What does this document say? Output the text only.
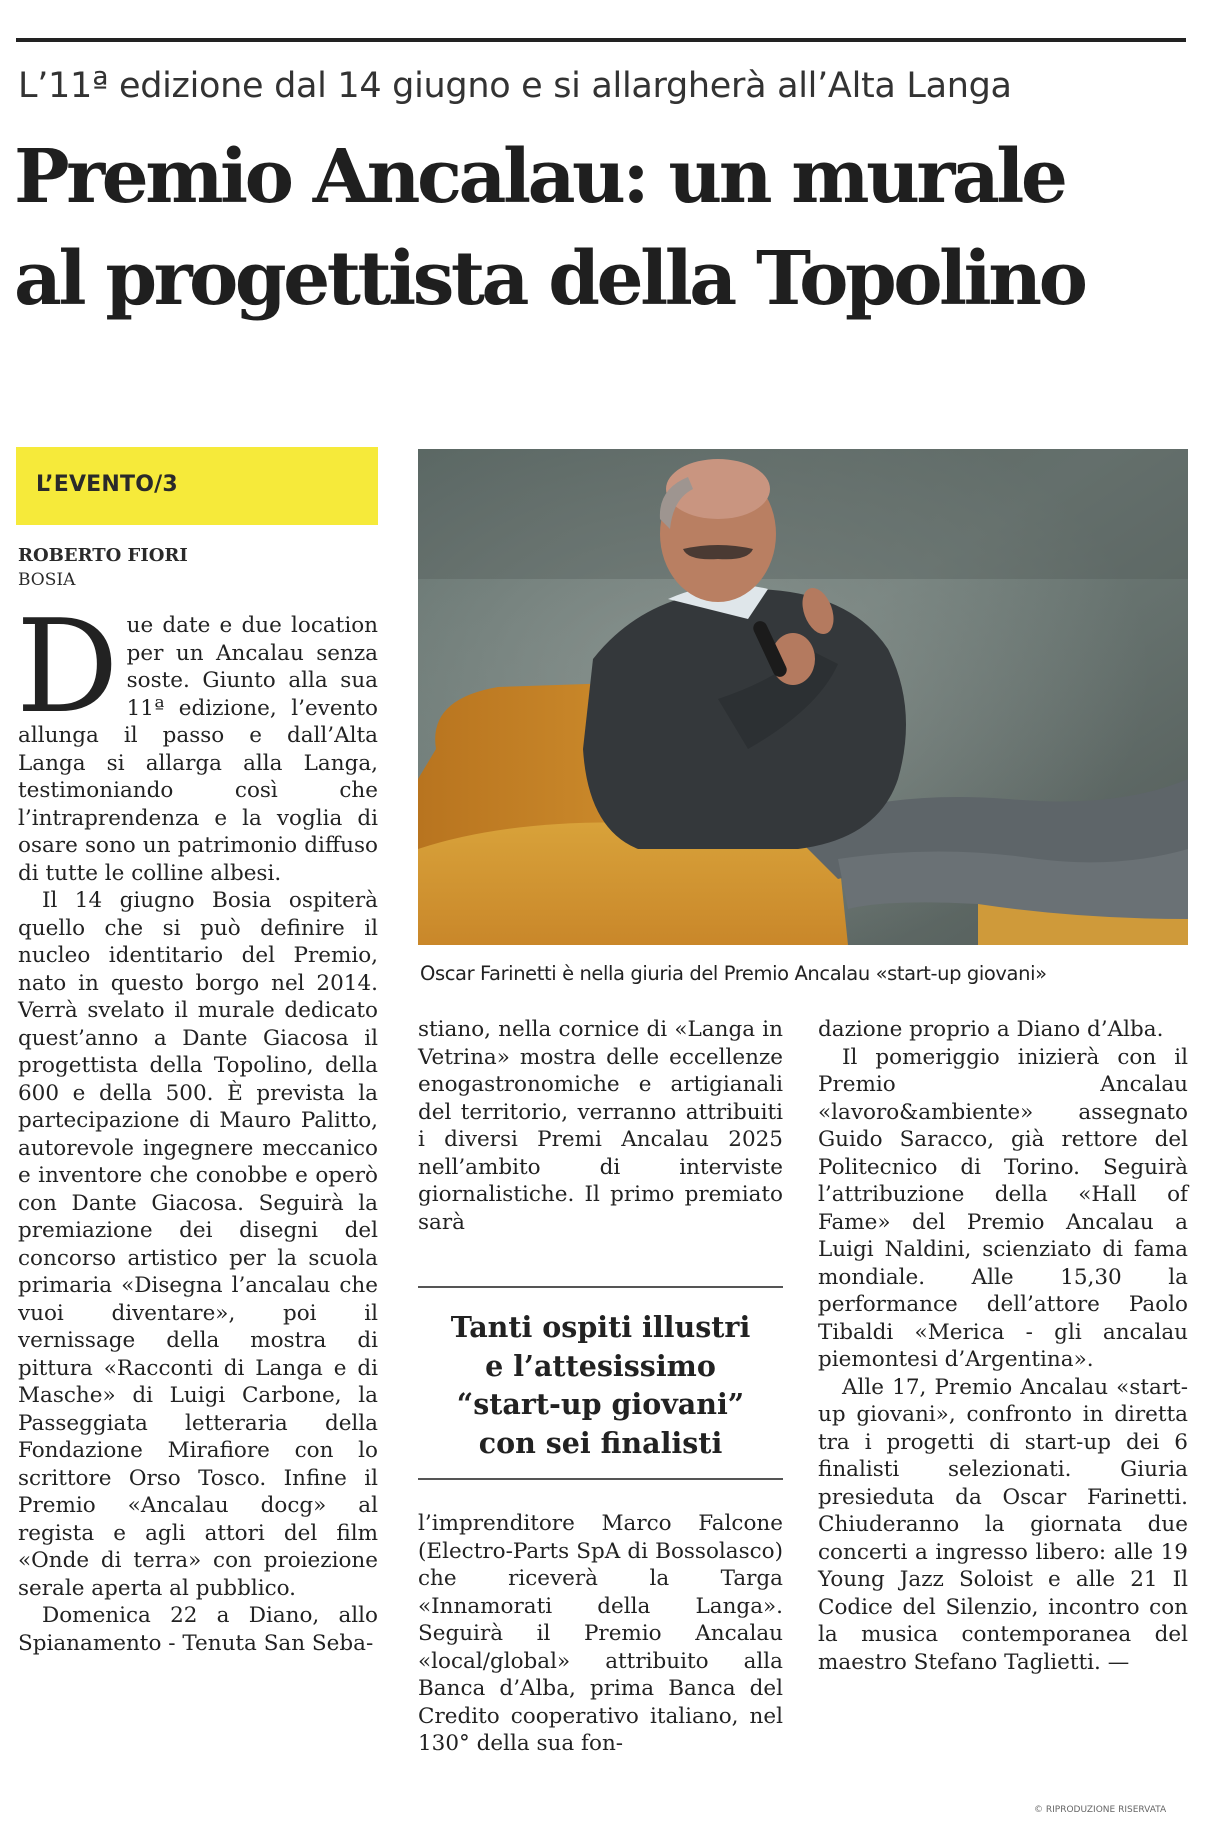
L’11ª edizione dal 14 giugno e si allargherà all’Alta Langa
Premio Ancalau: un murale
al progettista della Topolino
L’EVENTO/3
ROBERTO FIORI
BOSIA

Due date e due location per un Ancalau senza soste. Giunto alla sua 11ª edizione, l’evento allunga il passo e dall’Alta Langa si allarga alla Langa, testimoniando così che l’intraprendenza e la voglia di osare sono un patrimonio diffuso di tutte le colline albesi.

Il 14 giugno Bosia ospiterà quello che si può definire il nucleo identitario del Premio, nato in questo borgo nel 2014. Verrà svelato il murale dedicato quest’anno a Dante Giacosa il progettista della Topolino, della 600 e della 500. È prevista la partecipazione di Mauro Palitto, autorevole ingegnere meccanico e inventore che conobbe e operò con Dante Giacosa. Seguirà la premiazione dei disegni del concorso artistico per la scuola primaria «Disegna l’ancalau che vuoi diventare», poi il vernissage della mostra di pittura «Racconti di Langa e di Masche» di Luigi Carbone, la Passeggiata letteraria della Fondazione Mirafiore con lo scrittore Orso Tosco. Infine il Premio «Ancalau docg» al regista e agli attori del film «Onde di terra» con proiezione serale aperta al pubblico.

Domenica 22 a Diano, allo Spianamento - Tenuta San Seba-

Oscar Farinetti è nella giuria del Premio Ancalau «start-up giovani»

stiano, nella cornice di «Langa in Vetrina» mostra delle eccellenze enogastronomiche e artigianali del territorio, verranno attribuiti i diversi Premi Ancalau 2025 nell’ambito di interviste giornalistiche. Il primo premiato sarà

Tanti ospiti illustri
e l’attesissimo
“start-up giovani”
con sei finalisti

l’imprenditore Marco Falcone (Electro-Parts SpA di Bossolasco) che riceverà la Targa «Innamorati della Langa». Seguirà il Premio Ancalau «local/global» attribuito alla Banca d’Alba, prima Banca del Credito cooperativo italiano, nel 130° della sua fon-

dazione proprio a Diano d’Alba.

Il pomeriggio inizierà con il Premio Ancalau «lavoro&ambiente» assegnato Guido Saracco, già rettore del Politecnico di Torino. Seguirà l’attribuzione della «Hall of Fame» del Premio Ancalau a Luigi Naldini, scienziato di fama mondiale. Alle 15,30 la performance dell’attore Paolo Tibaldi «Merica - gli ancalau piemontesi d’Argentina».

Alle 17, Premio Ancalau «start-up giovani», confronto in diretta tra i progetti di start-up dei 6 finalisti selezionati. Giuria presieduta da Oscar Farinetti. Chiuderanno la giornata due concerti a ingresso libero: alle 19 Young Jazz Soloist e alle 21 Il Codice del Silenzio, incontro con la musica contemporanea del maestro Stefano Taglietti. —

© RIPRODUZIONE RISERVATA
